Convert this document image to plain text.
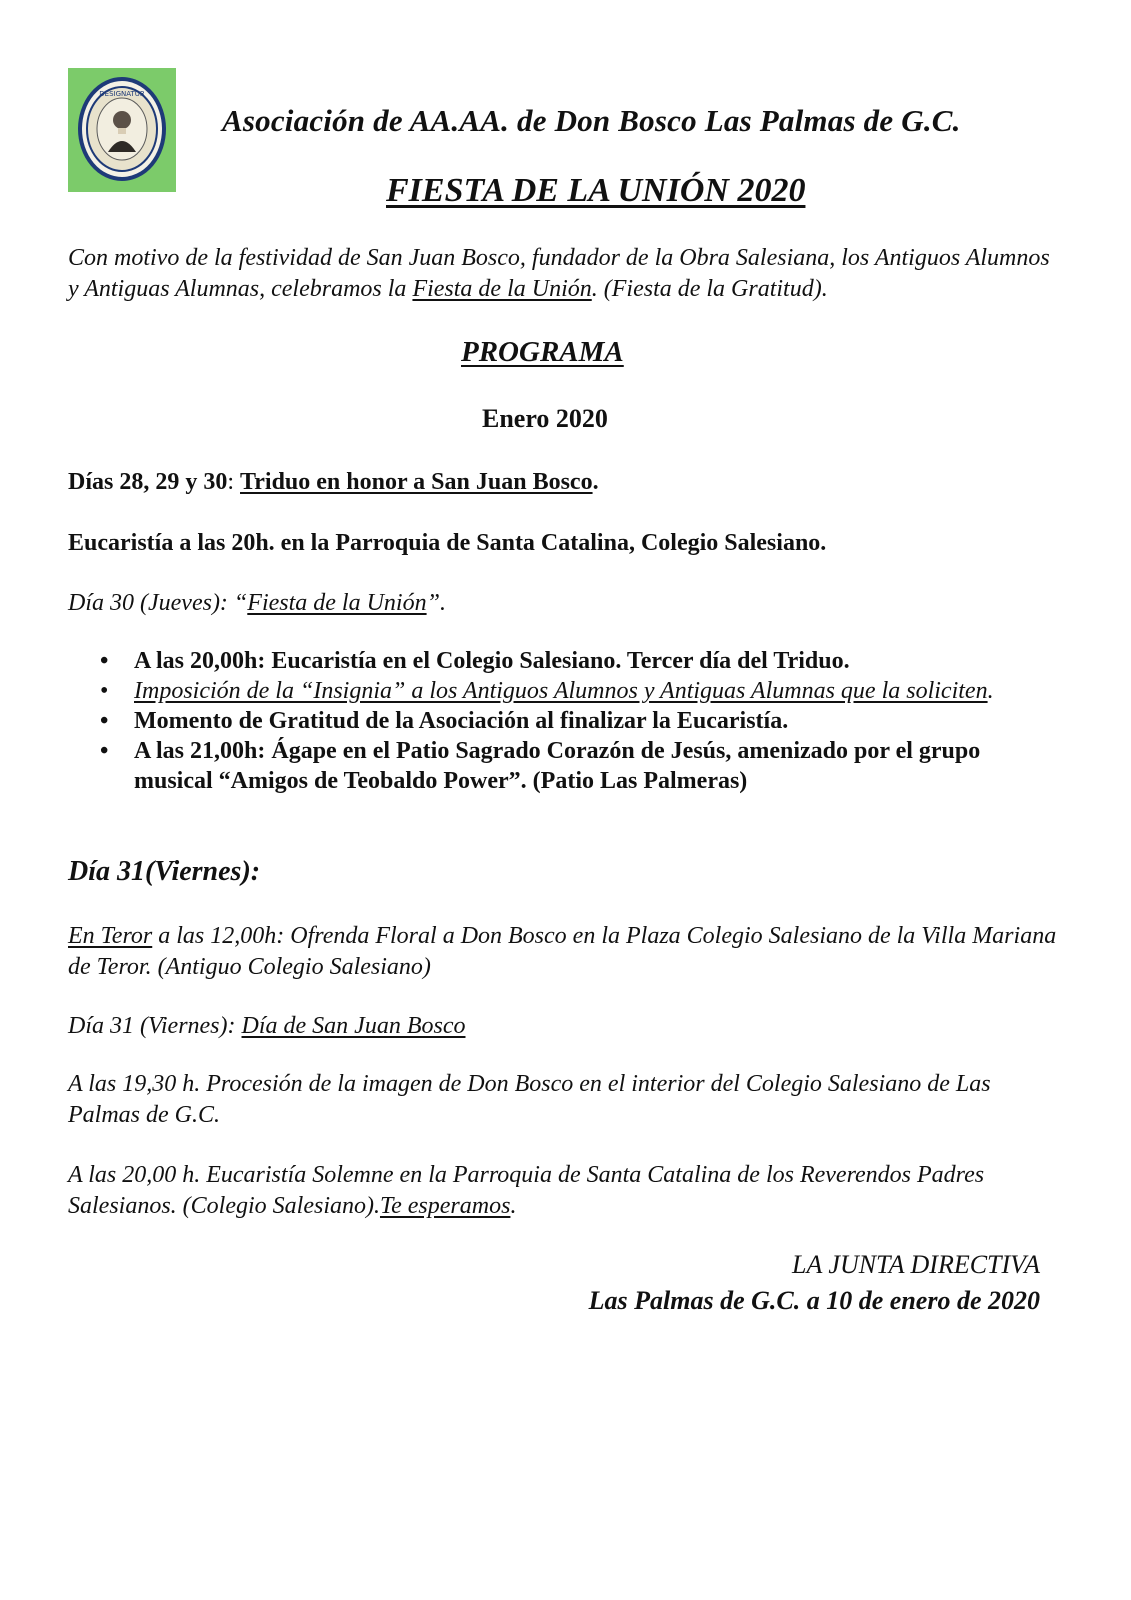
DESIGNATUR
Asociación de AA.AA. de Don Bosco Las Palmas de G.C.
FIESTA DE LA UNIÓN 2020
Con motivo de la festividad de San Juan Bosco, fundador de la Obra Salesiana, los Antiguos Alumnos y Antiguas Alumnas, celebramos la Fiesta de la Unión. (Fiesta de la Gratitud).
PROGRAMA
Enero 2020
Días 28, 29 y 30: Triduo en honor a San Juan Bosco.
Eucaristía a las 20h. en la Parroquia de Santa Catalina, Colegio Salesiano.
Día 30 (Jueves): “Fiesta de la Unión”.
• A las 20,00h: Eucaristía en el Colegio Salesiano. Tercer día del Triduo.
• Imposición de la “Insignia” a los Antiguos Alumnos y Antiguas Alumnas que la soliciten.
• Momento de Gratitud de la Asociación al finalizar la Eucaristía.
• A las 21,00h: Ágape en el Patio Sagrado Corazón de Jesús, amenizado por el grupo musical “Amigos de Teobaldo Power”. (Patio Las Palmeras)
Día 31(Viernes):
En Teror a las 12,00h: Ofrenda Floral a Don Bosco en la Plaza Colegio Salesiano de la Villa Mariana de Teror. (Antiguo Colegio Salesiano)
Día 31 (Viernes): Día de San Juan Bosco
A las 19,30 h. Procesión de la imagen de Don Bosco en el interior del Colegio Salesiano de Las Palmas de G.C.
A las 20,00 h. Eucaristía Solemne en la Parroquia de Santa Catalina de los Reverendos Padres Salesianos. (Colegio Salesiano).Te esperamos.
LA JUNTA DIRECTIVA
Las Palmas de G.C. a 10 de enero de 2020
